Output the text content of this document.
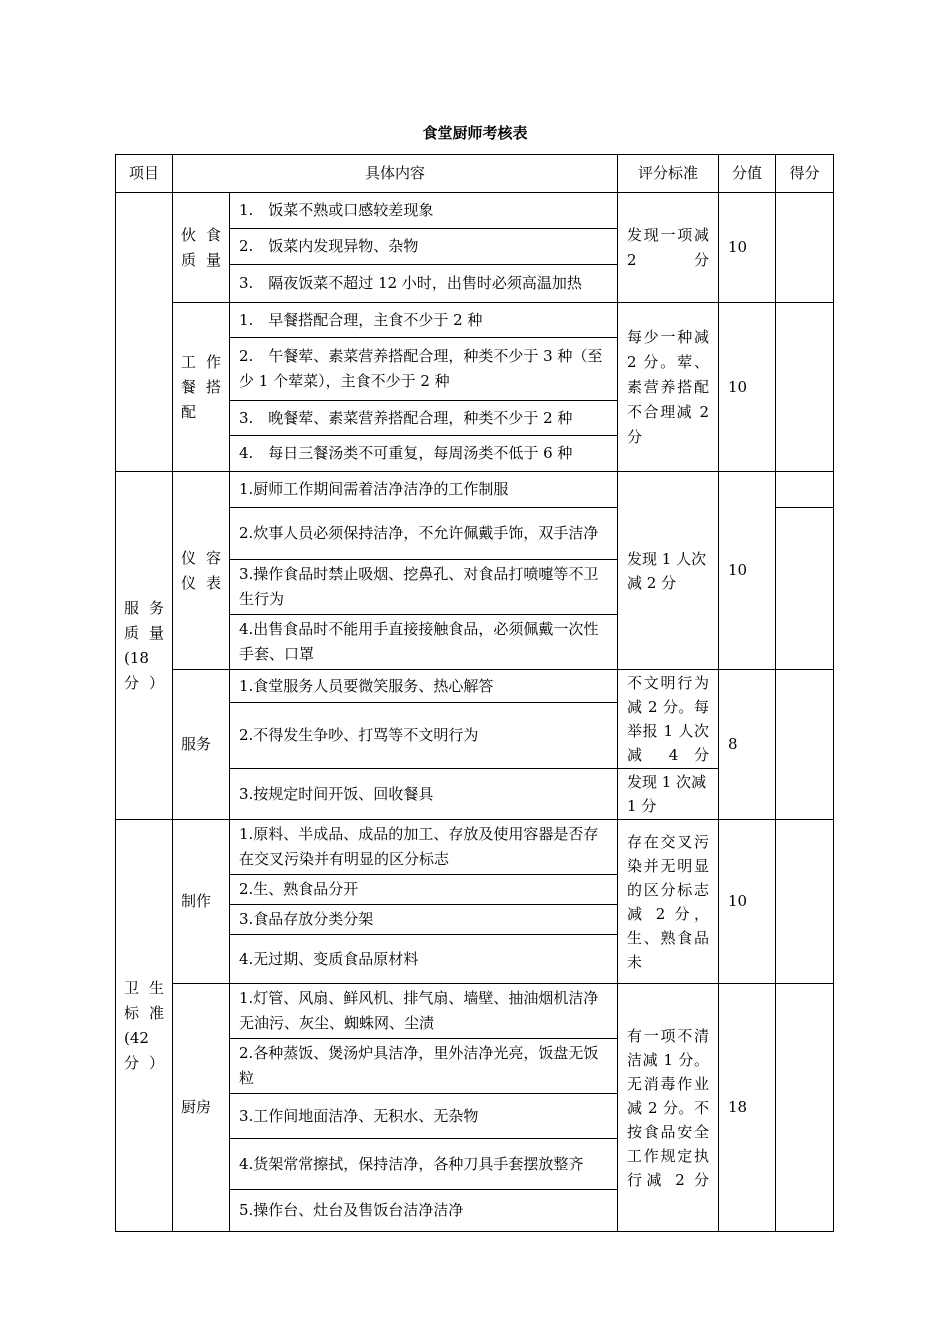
食堂厨师考核表
项目	具体内容		评分标准	分值	得分
	伙食质量	1.　饭菜不熟或口感较差现象	发现一项减 2 分	10	
		2.　饭菜内发现异物、杂物			
		3.　隔夜饭菜不超过 12 小时，出售时必须高温加热			
	工作餐搭配	1.　早餐搭配合理，主食不少于 2 种	每少一种减 2 分。荤、素营养搭配不合理减 2 分	10	
		2.　午餐荤、素菜营养搭配合理，种类不少于 3 种（至少 1 个荤菜），主食不少于 2 种			
		3.　晚餐荤、素菜营养搭配合理，种类不少于 2 种			
		4.　每日三餐汤类不可重复，每周汤类不低于 6 种			
服务质量(18 分）	仪容仪表	1.厨师工作期间需着洁净洁净的工作制服	发现 1 人次减 2 分	10	
		2.炊事人员必须保持洁净，不允许佩戴手饰，双手洁净			
		3.操作食品时禁止吸烟、挖鼻孔、对食品打喷嚏等不卫生行为			
		4.出售食品时不能用手直接接触食品，必须佩戴一次性手套、口罩			
	服务	1.食堂服务人员要微笑服务、热心解答	不文明行为减 2 分。每举报 1 人次减 4 分	8	
		2.不得发生争吵、打骂等不文明行为			
		3.按规定时间开饭、回收餐具	发现 1 次减 1 分		
卫生标准(42 分）	制作	1.原料、半成品、成品的加工、存放及使用容器是否存在交叉污染并有明显的区分标志	存在交叉污染并无明显的区分标志减 2 分，生、熟食品未	10	
		2.生、熟食品分开			
		3.食品存放分类分架			
		4.无过期、变质食品原材料			
	厨房	1.灯管、风扇、鲜风机、排气扇、墙壁、抽油烟机洁净无油污、灰尘、蜘蛛网、尘渍	有一项不清洁减 1 分。无消毒作业减 2 分。不按食品安全工作规定执行减 2 分	18	
		2.各种蒸饭、煲汤炉具洁净，里外洁净光亮，饭盘无饭粒			
		3.工作间地面洁净、无积水、无杂物			
		4.货架常常擦拭，保持洁净，各种刀具手套摆放整齐			
		5.操作台、灶台及售饭台洁净洁净			
